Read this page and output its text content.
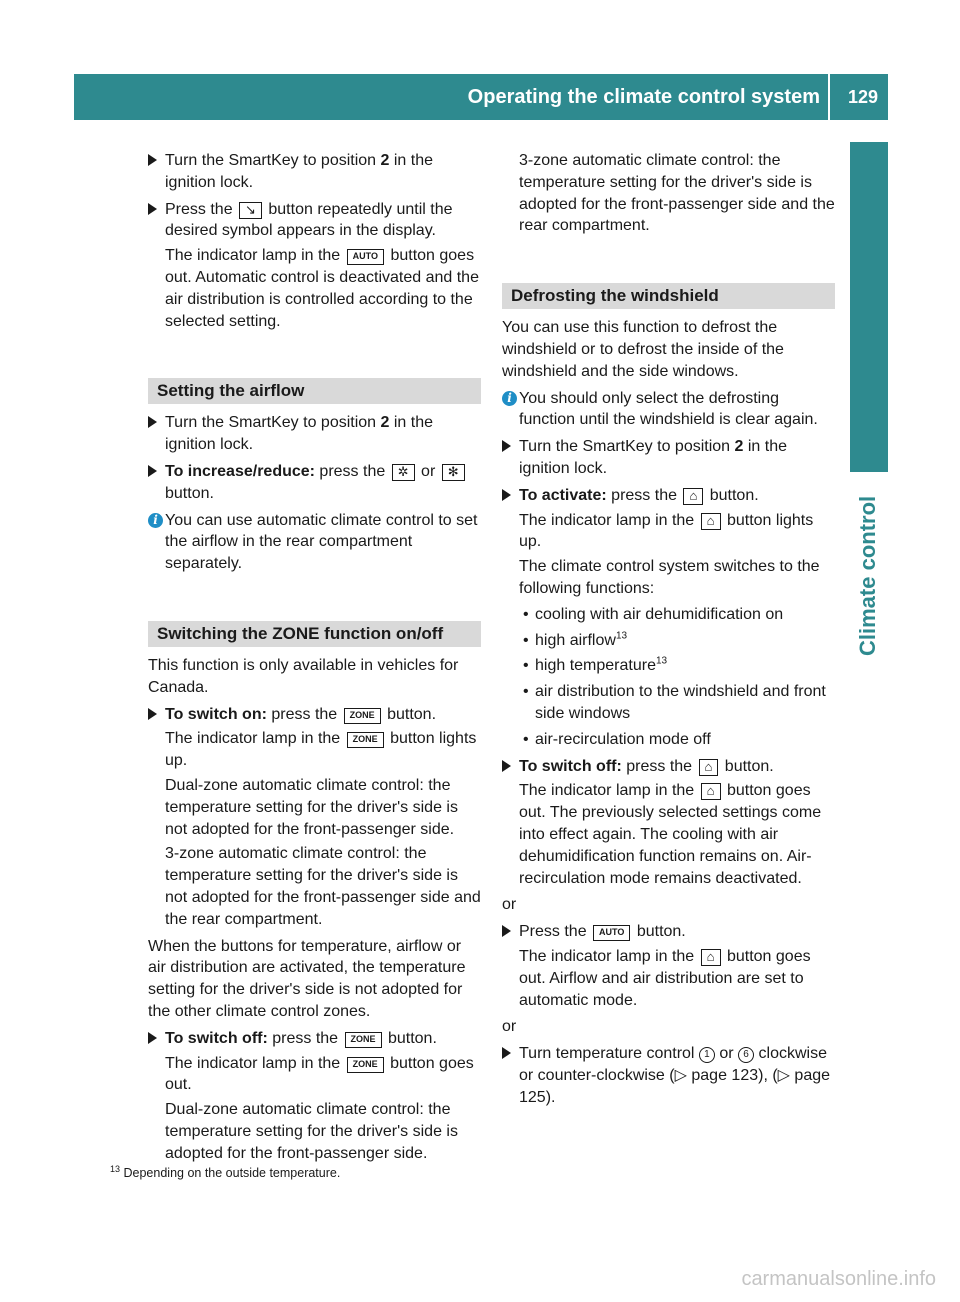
Operating the climate control system 129
Climate control

Turn the SmartKey to position 2 in the ignition lock.

Press the ↘ button repeatedly until the desired symbol appears in the display.

The indicator lamp in the AUTO button goes out. Automatic control is deactivated and the air distribution is controlled according to the selected setting.

Setting the airflow

Turn the SmartKey to position 2 in the ignition lock.

To increase/reduce: press the ✲ or ✻ button.

i You can use automatic climate control to set the airflow in the rear compartment separately.
Switching the ZONE function on/off

This function is only available in vehicles for Canada.

To switch on: press the ZONE button.

The indicator lamp in the ZONE button lights up.

Dual-zone automatic climate control: the temperature setting for the driver's side is not adopted for the front-passenger side.

3-zone automatic climate control: the temperature setting for the driver's side is not adopted for the front-passenger side and the rear compartment.

When the buttons for temperature, airflow or air distribution are activated, the temperature setting for the driver's side is not adopted for the other climate control zones.

To switch off: press the ZONE button.

The indicator lamp in the ZONE button goes out.

Dual-zone automatic climate control: the temperature setting for the driver's side is adopted for the front-passenger side.

3-zone automatic climate control: the temperature setting for the driver's side is adopted for the front-passenger side and the rear compartment.

Defrosting the windshield

You can use this function to defrost the windshield or to defrost the inside of the windshield and the side windows.

i You should only select the defrosting function until the windshield is clear again.

Turn the SmartKey to position 2 in the ignition lock.

To activate: press the ⌂ button.

The indicator lamp in the ⌂ button lights up.

The climate control system switches to the following functions:

• cooling with air dehumidification on
• high airflow$^{13}$
• high temperature$^{13}$
• air distribution to the windshield and front side windows
• air-recirculation mode off

To switch off: press the ⌂ button.

The indicator lamp in the ⌂ button goes out. The previously selected settings come into effect again. The cooling with air dehumidification function remains on. Air-recirculation mode remains deactivated.

or

Press the AUTO button.

The indicator lamp in the ⌂ button goes out. Airflow and air distribution are set to automatic mode.

or

Turn temperature control 1 or 6 clockwise or counter-clockwise (▷ page 123), (▷ page 125).

$^{13}$ Depending on the outside temperature.
carmanualsonline.info
